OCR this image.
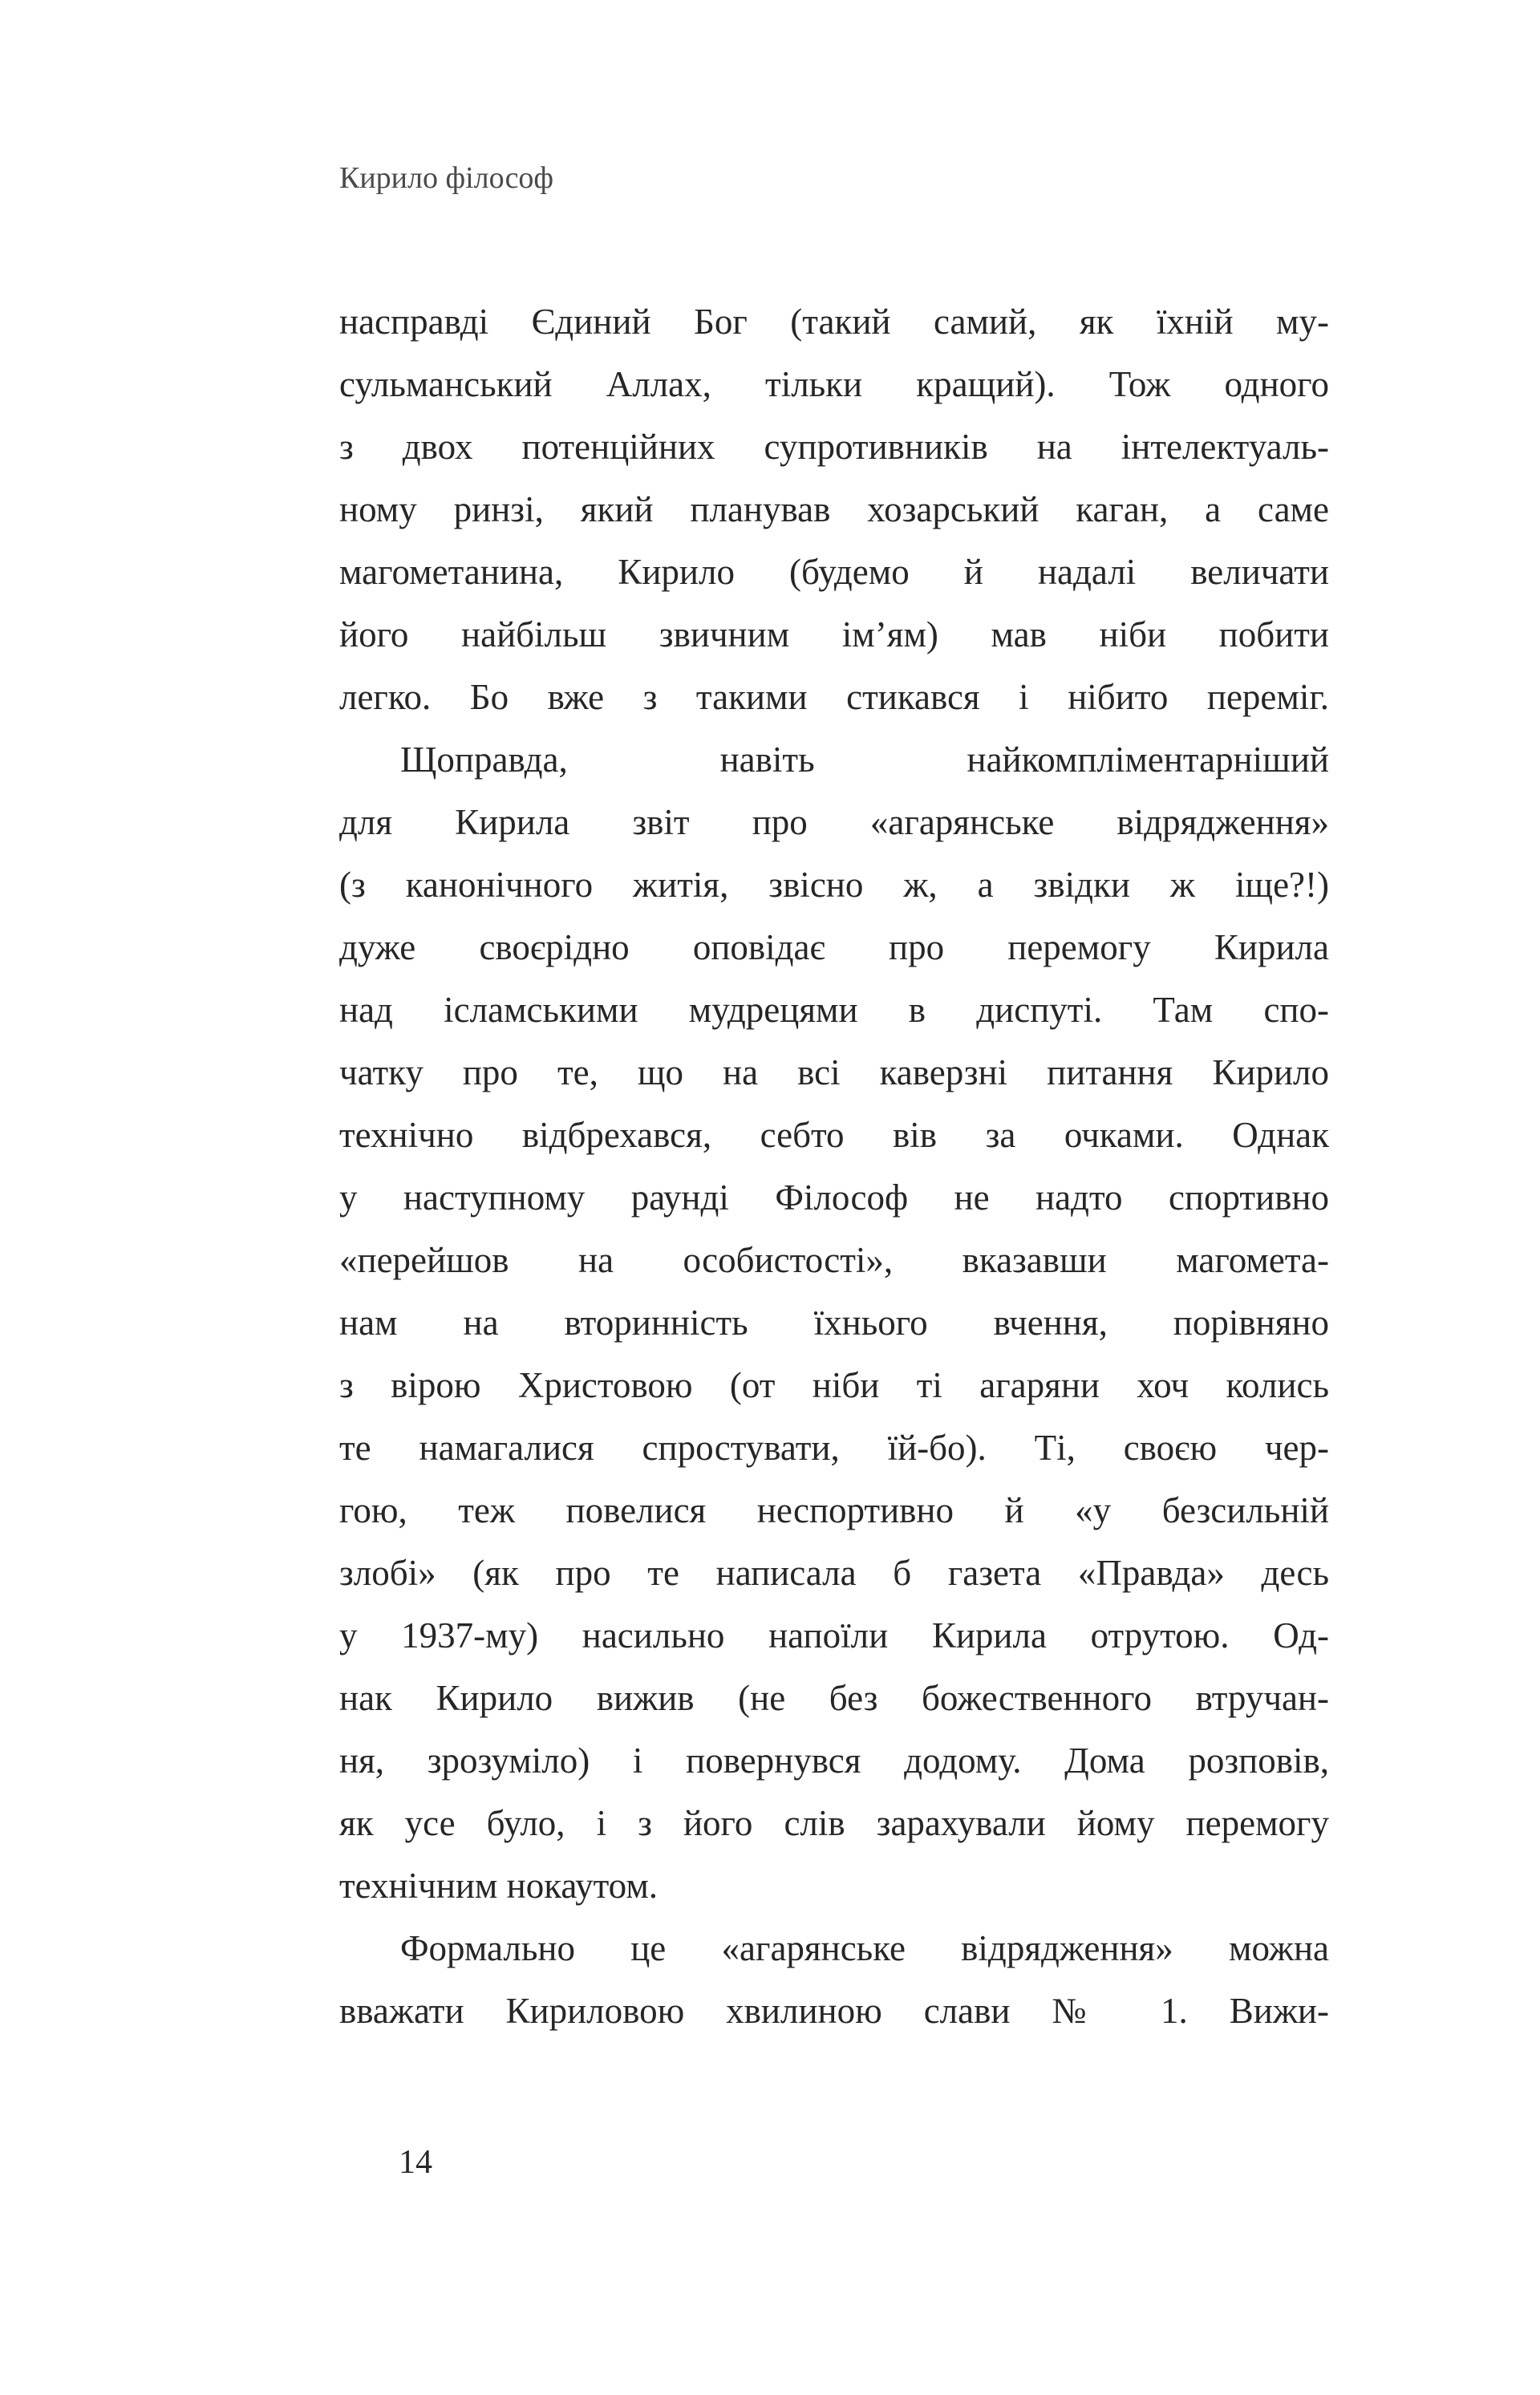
Кирило філософ
насправді Єдиний Бог (такий самий, як їхній му-
сульманський Аллах, тільки кращий). Тож одного
з двох потенційних супротивників на інтелектуаль-
ному ринзі, який планував хозарський каган, а саме
магометанина, Кирило (будемо й надалі величати
його найбільш звичним ім’ям) мав ніби побити
легко. Бо вже з такими стикався і нібито переміг.
Щоправда, навіть найкомпліментарніший
для Кирила звіт про «агарянське відрядження»
(з канонічного житія, звісно ж, а звідки ж іще?!)
дуже своєрідно оповідає про перемогу Кирила
над ісламськими мудрецями в диспуті. Там спо-
чатку про те, що на всі каверзні питання Кирило
технічно відбрехався, себто вів за очками. Однак
у наступному раунді Філософ не надто спортивно
«перейшов на особистості», вказавши магомета-
нам на вторинність їхнього вчення, порівняно
з вірою Христовою (от ніби ті агаряни хоч колись
те намагалися спростувати, їй-бо). Ті, своєю чер-
гою, теж повелися неспортивно й «у безсильній
злобі» (як про те написала б газета «Правда» десь
у 1937-му) насильно напоїли Кирила отрутою. Од-
нак Кирило вижив (не без божественного втручан-
ня, зрозуміло) і повернувся додому. Дома розповів,
як усе було, і з його слів зарахували йому перемогу
технічним нокаутом.
Формально це «агарянське відрядження» можна
вважати Кириловою хвилиною слави № 1. Вижи-
14
